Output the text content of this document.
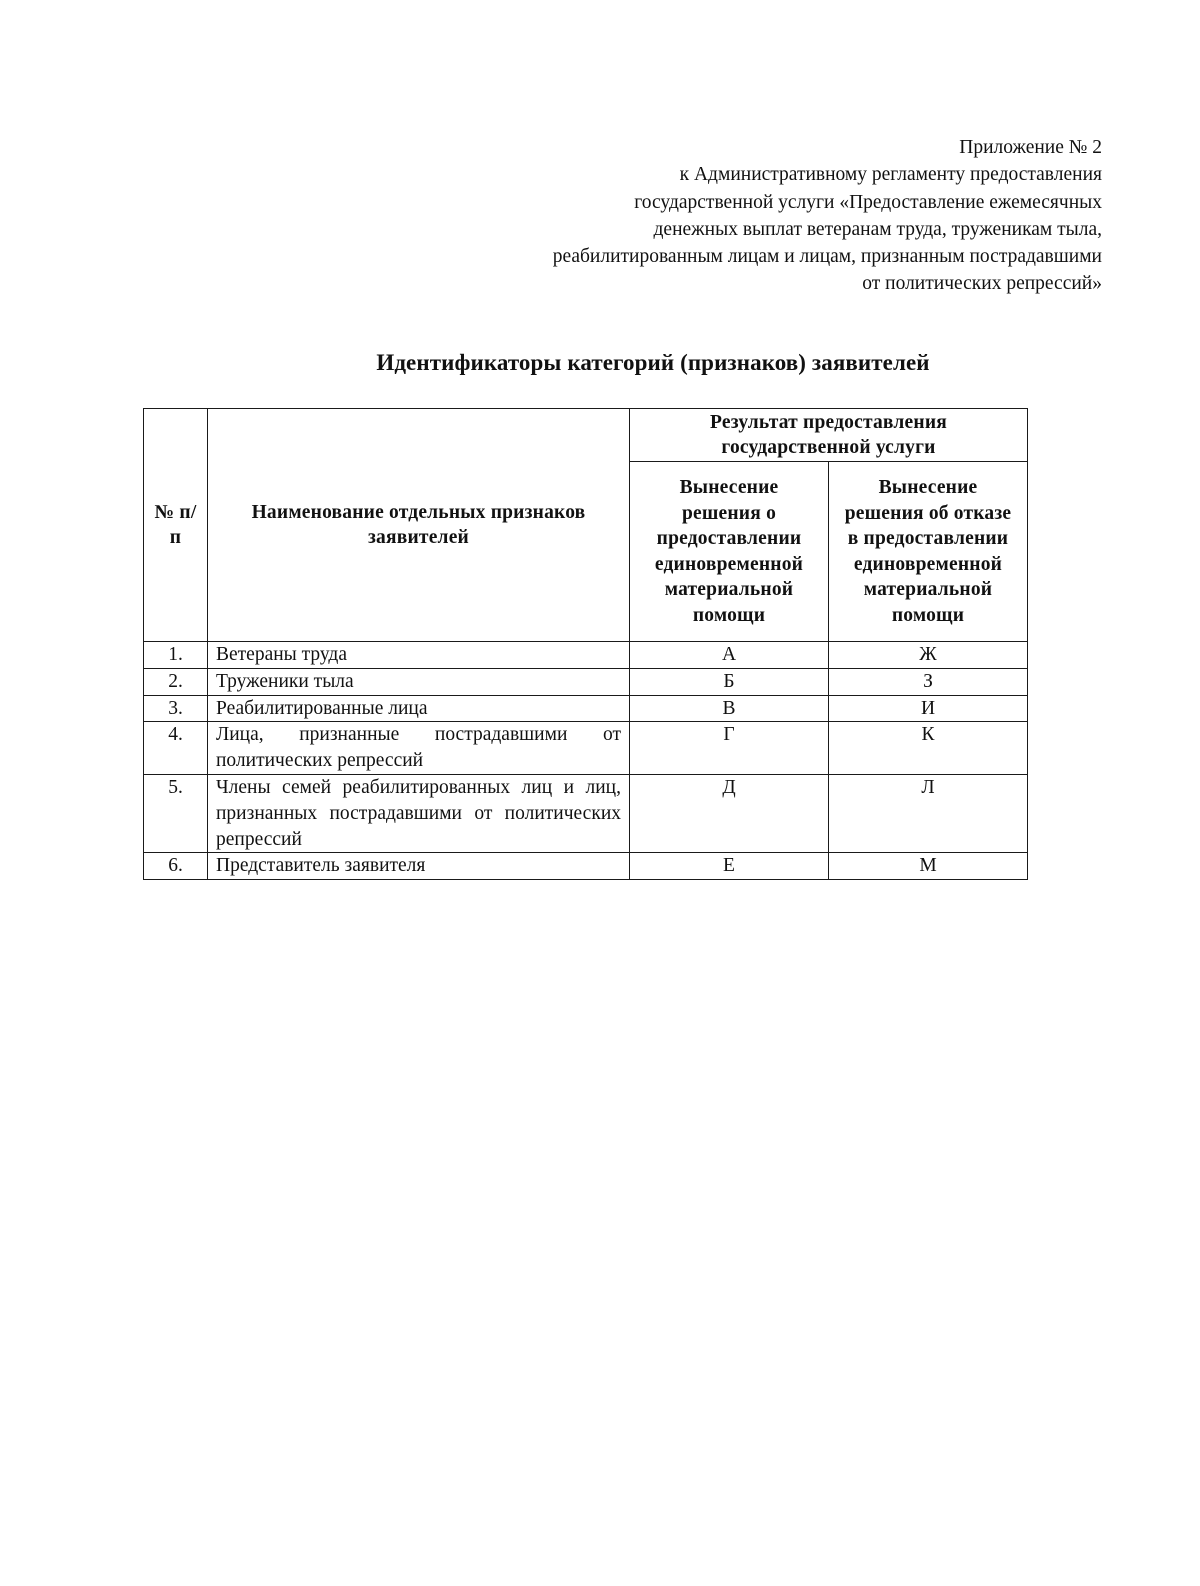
Приложение № 2
к Административному регламенту предоставления
государственной услуги «Предоставление ежемесячных
денежных выплат ветеранам труда, труженикам тыла,
реабилитированным лицам и лицам, признанным пострадавшими
от политических репрессий»
Идентификаторы категорий (признаков) заявителей
№ п/п	Наименование отдельных признаков заявителей	Результат предоставления государственной услуги	
		Вынесение решения о предоставлении единовременной материальной помощи	Вынесение решения об отказе в предоставлении единовременной материальной помощи
1.	Ветераны труда	А	Ж
2.	Труженики тыла	Б	З
3.	Реабилитированные лица	В	И
4.	Лица, признанные пострадавшими от политических репрессий	Г	К
5.	Члены семей реабилитированных лиц и лиц, признанных пострадавшими от политических репрессий	Д	Л
6.	Представитель заявителя	Е	М
